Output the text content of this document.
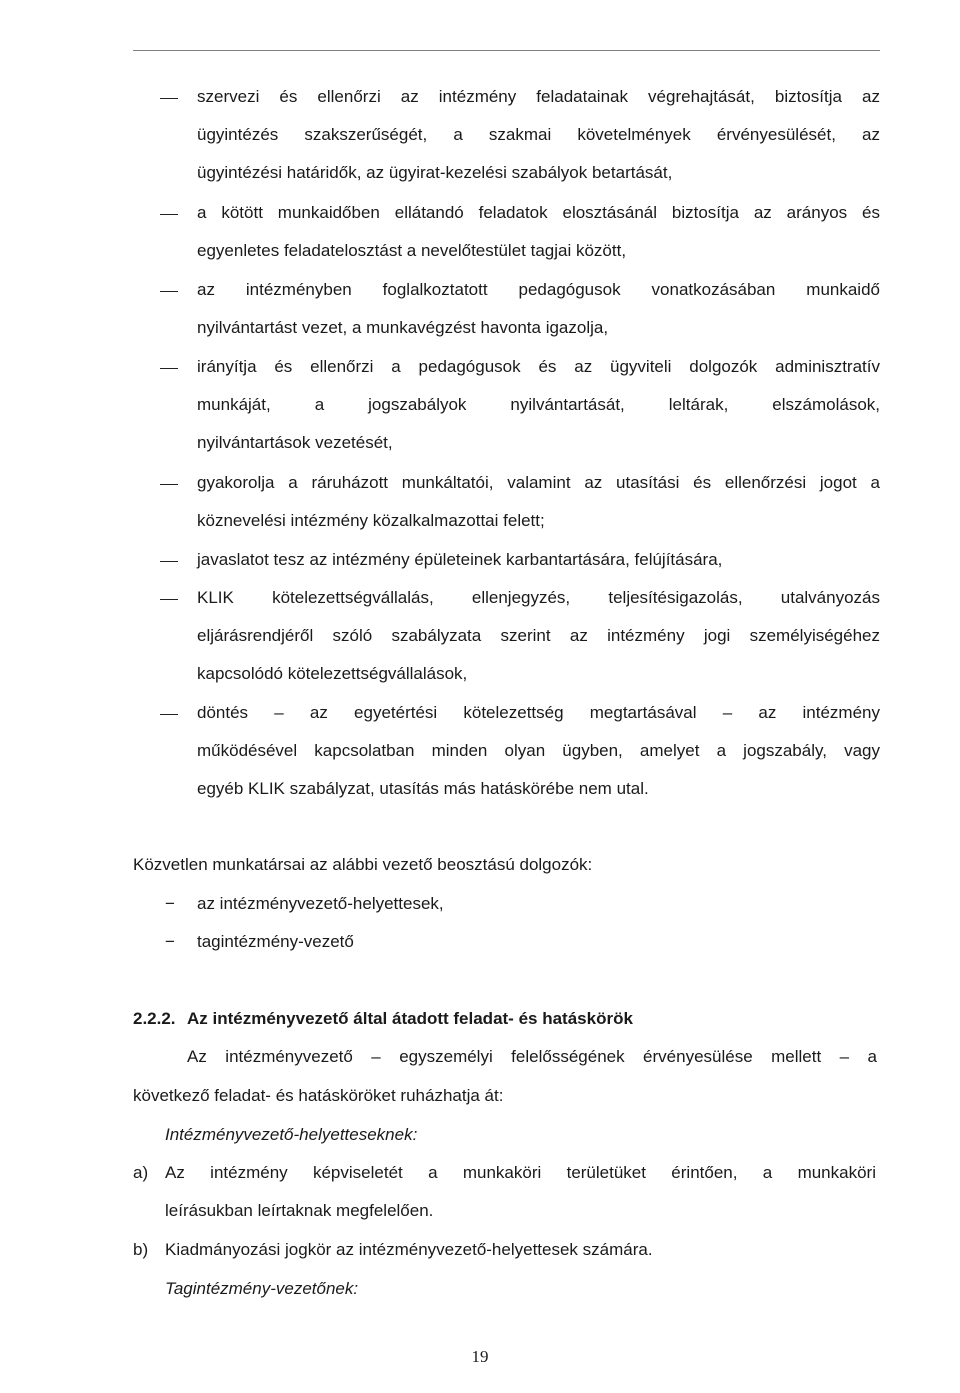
szervezi és ellenőrzi az intézmény feladatainak végrehajtását, biztosítja az
ügyintézés szakszerűségét, a szakmai követelmények érvényesülését, az
ügyintézési határidők, az ügyirat-kezelési szabályok betartását,
a kötött munkaidőben ellátandó feladatok elosztásánál biztosítja az arányos és
egyenletes feladatelosztást a nevelőtestület tagjai között,
az intézményben foglalkoztatott pedagógusok vonatkozásában munkaidő
nyilvántartást vezet, a munkavégzést havonta igazolja,
irányítja és ellenőrzi a pedagógusok és az ügyviteli dolgozók adminisztratív
munkáját, a jogszabályok nyilvántartását, leltárak, elszámolások,
nyilvántartások vezetését,
gyakorolja a ráruházott munkáltatói, valamint az utasítási és ellenőrzési jogot a
köznevelési intézmény közalkalmazottai felett;
javaslatot tesz az intézmény épületeinek karbantartására, felújítására,
KLIK kötelezettségvállalás, ellenjegyzés, teljesítésigazolás, utalványozás
eljárásrendjéről szóló szabályzata szerint az intézmény jogi személyiségéhez
kapcsolódó kötelezettségvállalások,
döntés – az egyetértési kötelezettség megtartásával – az intézmény
működésével kapcsolatban minden olyan ügyben, amelyet a jogszabály, vagy
egyéb KLIK szabályzat, utasítás más hatáskörébe nem utal.
Közvetlen munkatársai az alábbi vezető beosztású dolgozók:
− az intézményvezető-helyettesek,
− tagintézmény-vezető
2.2.2. Az intézményvezető által átadott feladat- és hatáskörök
Az intézményvezető – egyszemélyi felelősségének érvényesülése mellett – a
következő feladat- és hatásköröket ruházhatja át:
Intézményvezető-helyetteseknek:
a) Az intézmény képviseletét a munkaköri területüket érintően, a munkaköri
leírásukban leírtaknak megfelelően.
b) Kiadmányozási jogkör az intézményvezető-helyettesek számára.
Tagintézmény-vezetőnek:
19
